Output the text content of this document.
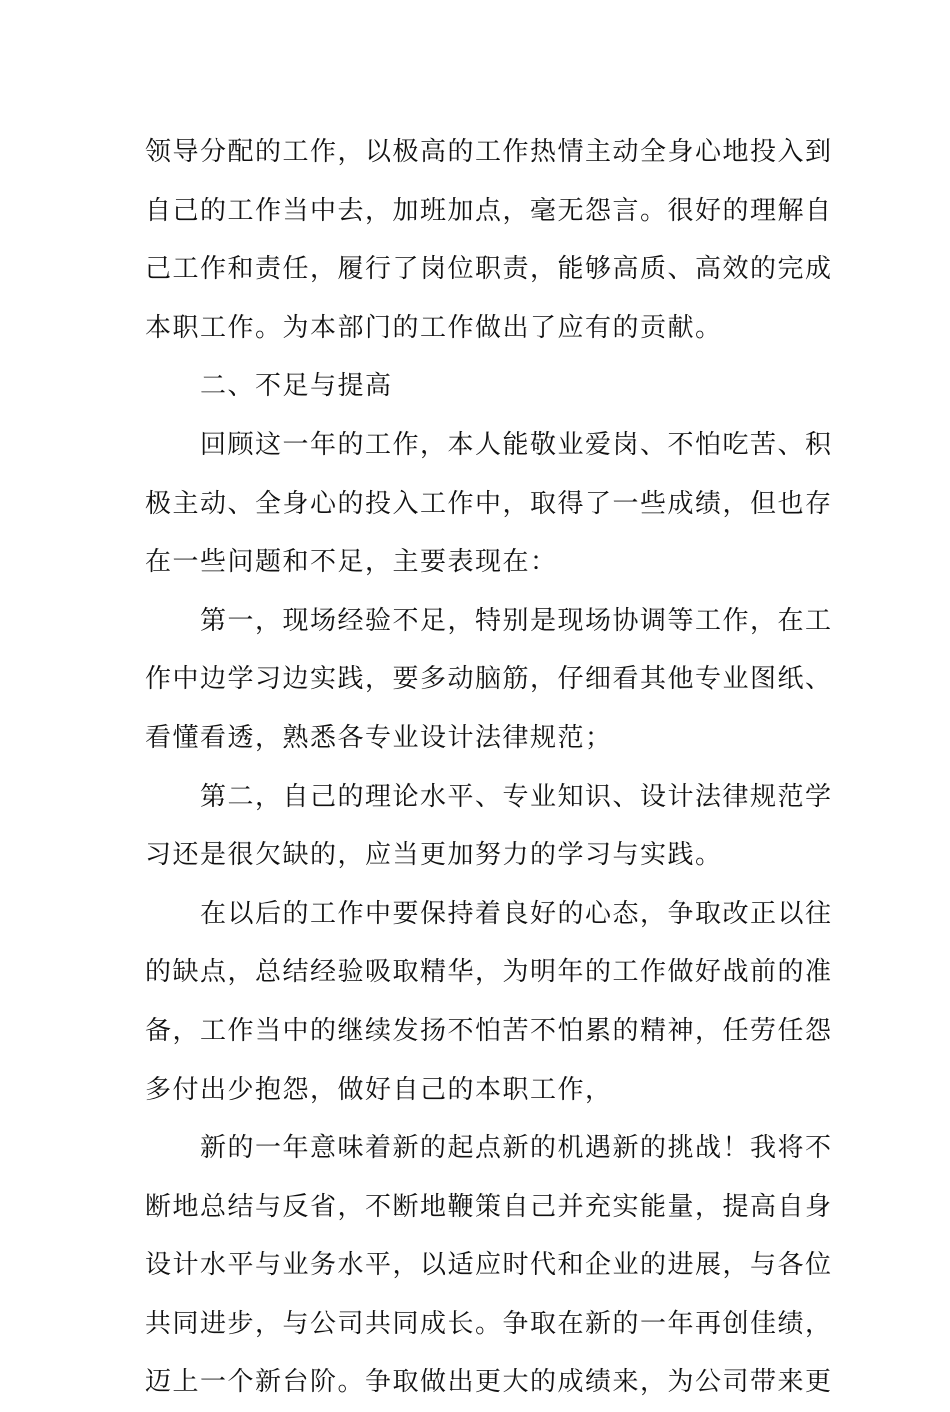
领导分配的工作，以极高的工作热情主动全身心地投入到
自己的工作当中去，加班加点，毫无怨言。很好的理解自
己工作和责任，履行了岗位职责，能够高质、高效的完成
本职工作。为本部门的工作做出了应有的贡献。
二、不足与提高
回顾这一年的工作，本人能敬业爱岗、不怕吃苦、积
极主动、全身心的投入工作中，取得了一些成绩，但也存
在一些问题和不足，主要表现在：
第一，现场经验不足，特别是现场协调等工作，在工
作中边学习边实践，要多动脑筋，仔细看其他专业图纸、
看懂看透，熟悉各专业设计法律规范；
第二，自己的理论水平、专业知识、设计法律规范学
习还是很欠缺的，应当更加努力的学习与实践。
在以后的工作中要保持着良好的心态，争取改正以往
的缺点，总结经验吸取精华，为明年的工作做好战前的准
备，工作当中的继续发扬不怕苦不怕累的精神，任劳任怨
多付出少抱怨，做好自己的本职工作，
新的一年意味着新的起点新的机遇新的挑战！我将不
断地总结与反省，不断地鞭策自己并充实能量，提高自身
设计水平与业务水平，以适应时代和企业的进展，与各位
共同进步，与公司共同成长。争取在新的一年再创佳绩，
迈上一个新台阶。争取做出更大的成绩来，为公司带来更
